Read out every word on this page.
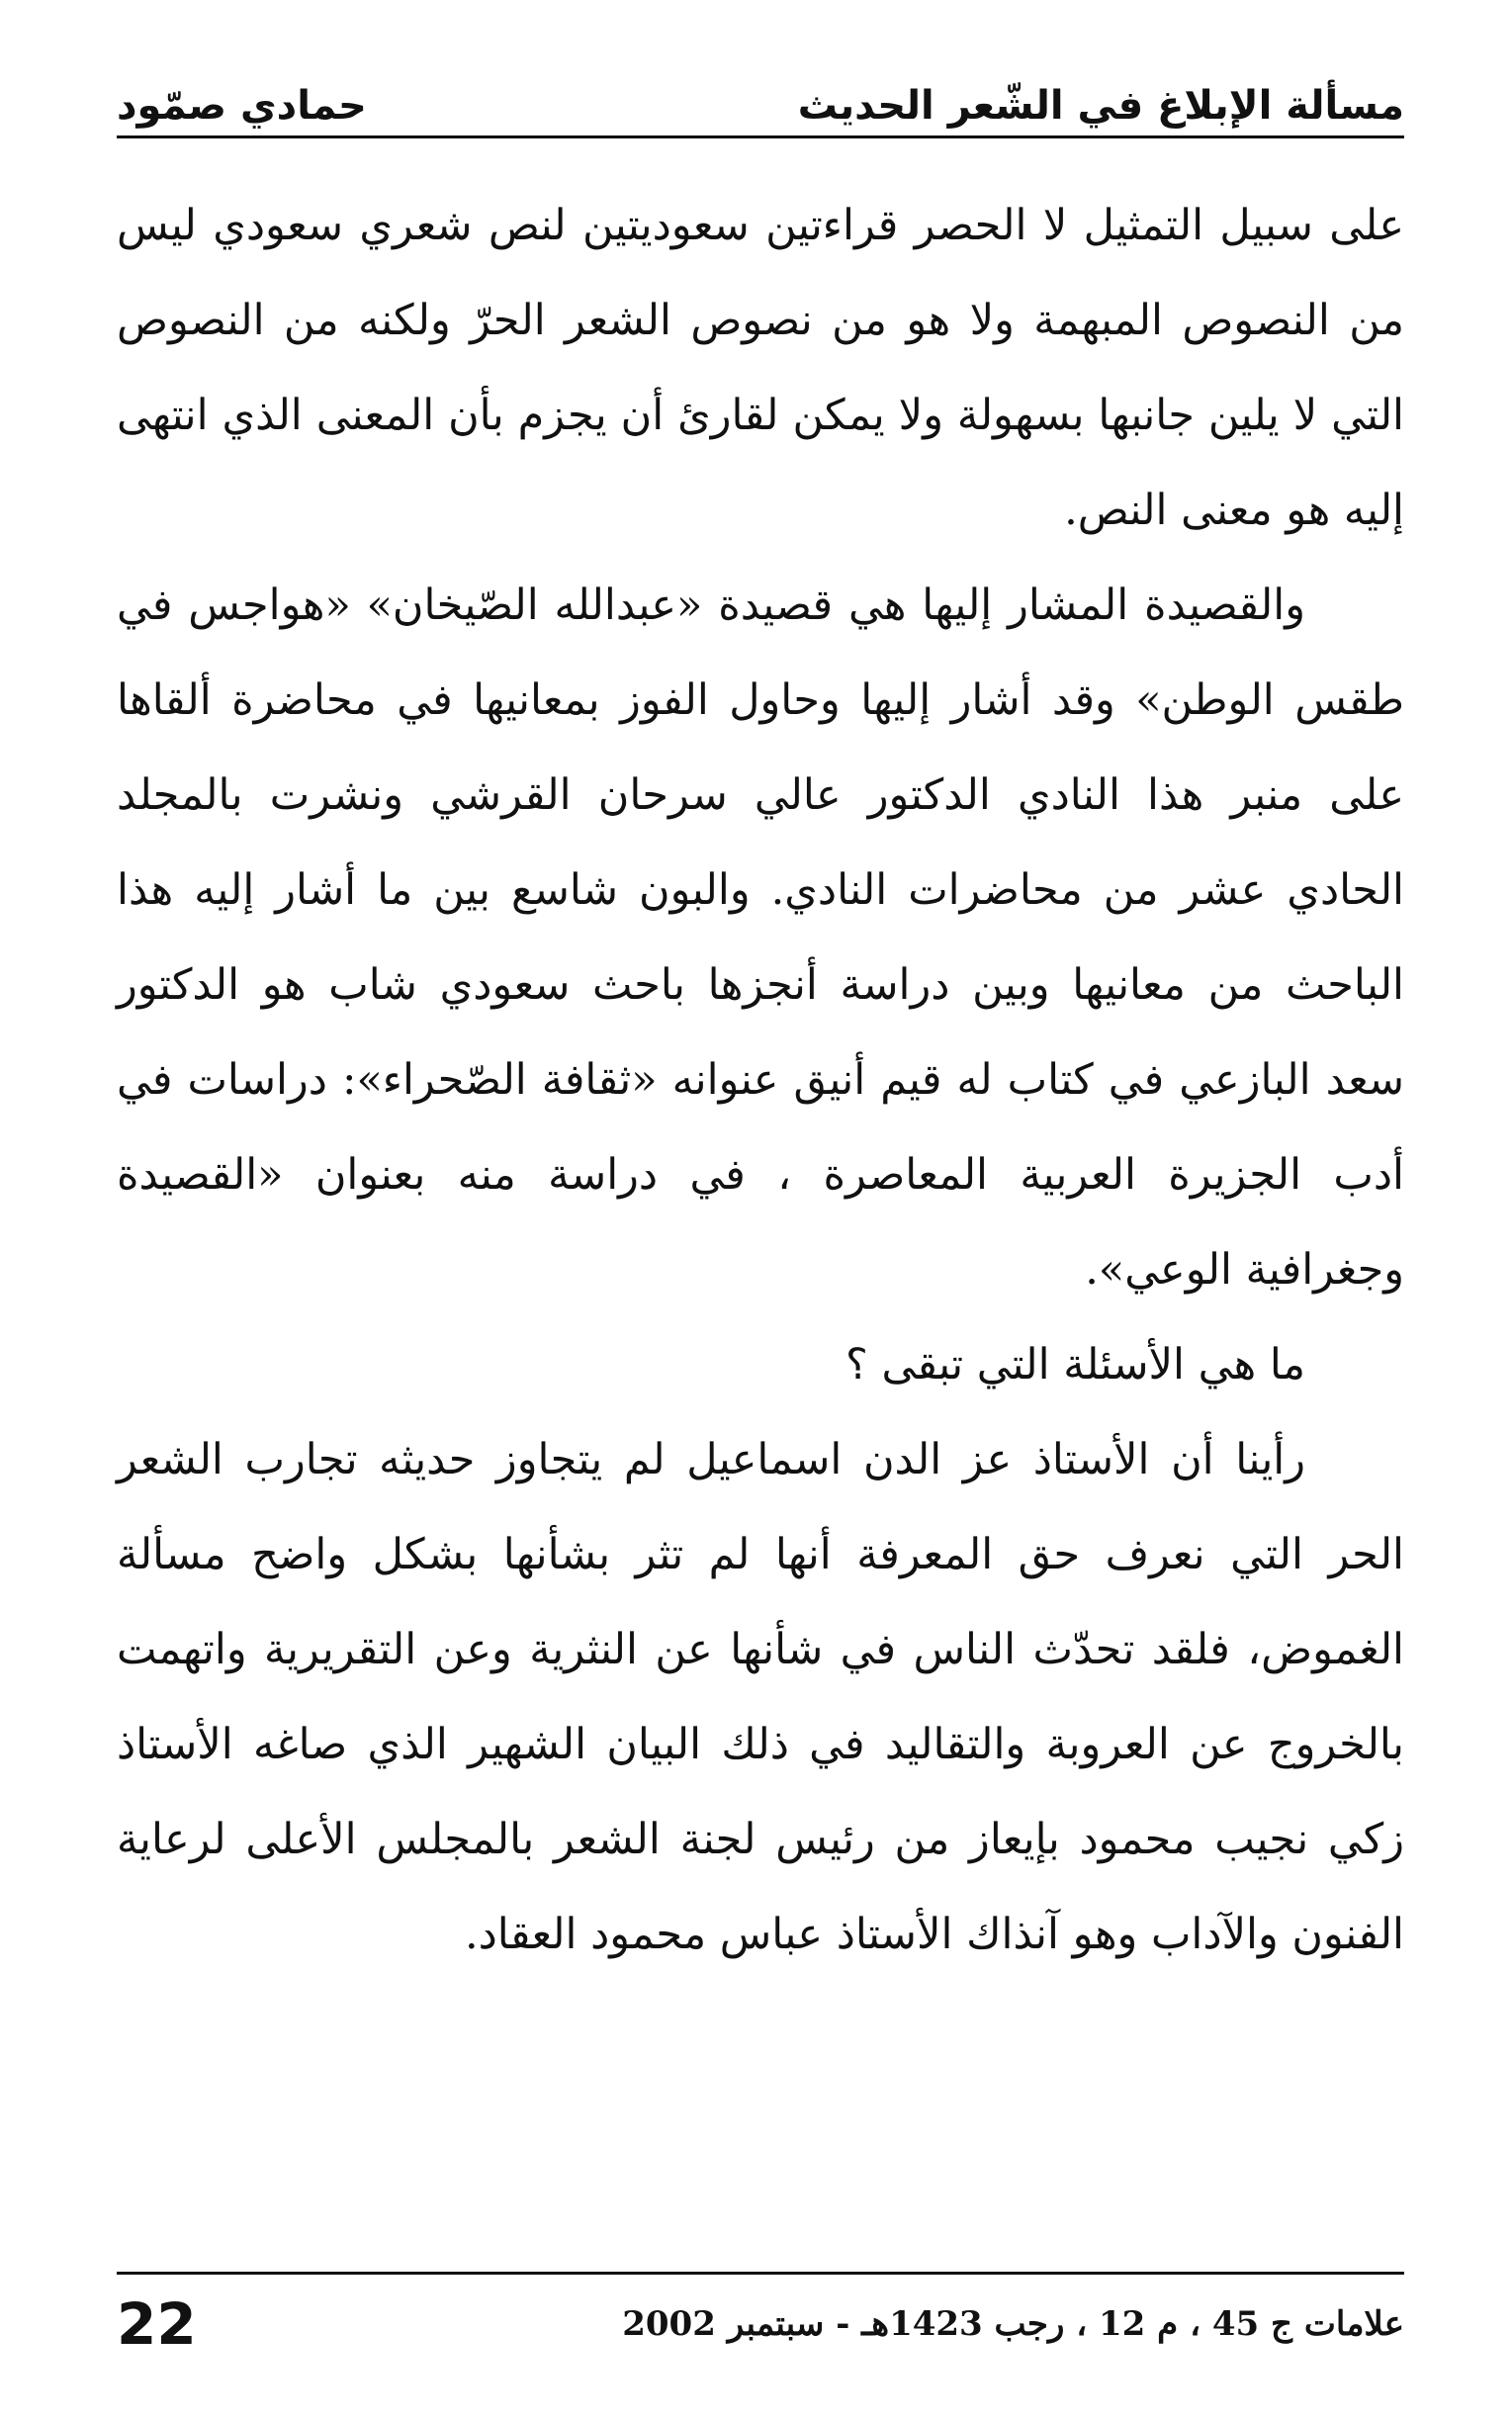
مسألة الإبلاغ في الشّعر الحديث
حمادي صمّود

على سبيل التمثيل لا الحصر قراءتين سعوديتين لنص شعري سعودي ليس من النصوص المبهمة ولا هو من نصوص الشعر الحرّ ولكنه من النصوص التي لا يلين جانبها بسهولة ولا يمكن لقارئ أن يجزم بأن المعنى الذي انتهى إليه هو معنى النص.

والقصيدة المشار إليها هي قصيدة «عبدالله الصّيخان» «هواجس في طقس الوطن» وقد أشار إليها وحاول الفوز بمعانيها في محاضرة ألقاها على منبر هذا النادي الدكتور عالي سرحان القرشي ونشرت بالمجلد الحادي عشر من محاضرات النادي. والبون شاسع بين ما أشار إليه هذا الباحث من معانيها وبين دراسة أنجزها باحث سعودي شاب هو الدكتور سعد البازعي في كتاب له قيم أنيق عنوانه «ثقافة الصّحراء»: دراسات في أدب الجزيرة العربية المعاصرة ، في دراسة منه بعنوان «القصيدة وجغرافية الوعي».

ما هي الأسئلة التي تبقى ؟

رأينا أن الأستاذ عز الدن اسماعيل لم يتجاوز حديثه تجارب الشعر الحر التي نعرف حق المعرفة أنها لم تثر بشأنها بشكل واضح مسألة الغموض، فلقد تحدّث الناس في شأنها عن النثرية وعن التقريرية واتهمت بالخروج عن العروبة والتقاليد في ذلك البيان الشهير الذي صاغه الأستاذ زكي نجيب محمود بإيعاز من رئيس لجنة الشعر بالمجلس الأعلى لرعاية الفنون والآداب وهو آنذاك الأستاذ عباس محمود العقاد.

علامات ج 45 ، م 12 ، رجب 1423هـ - سبتمبر 2002
22
